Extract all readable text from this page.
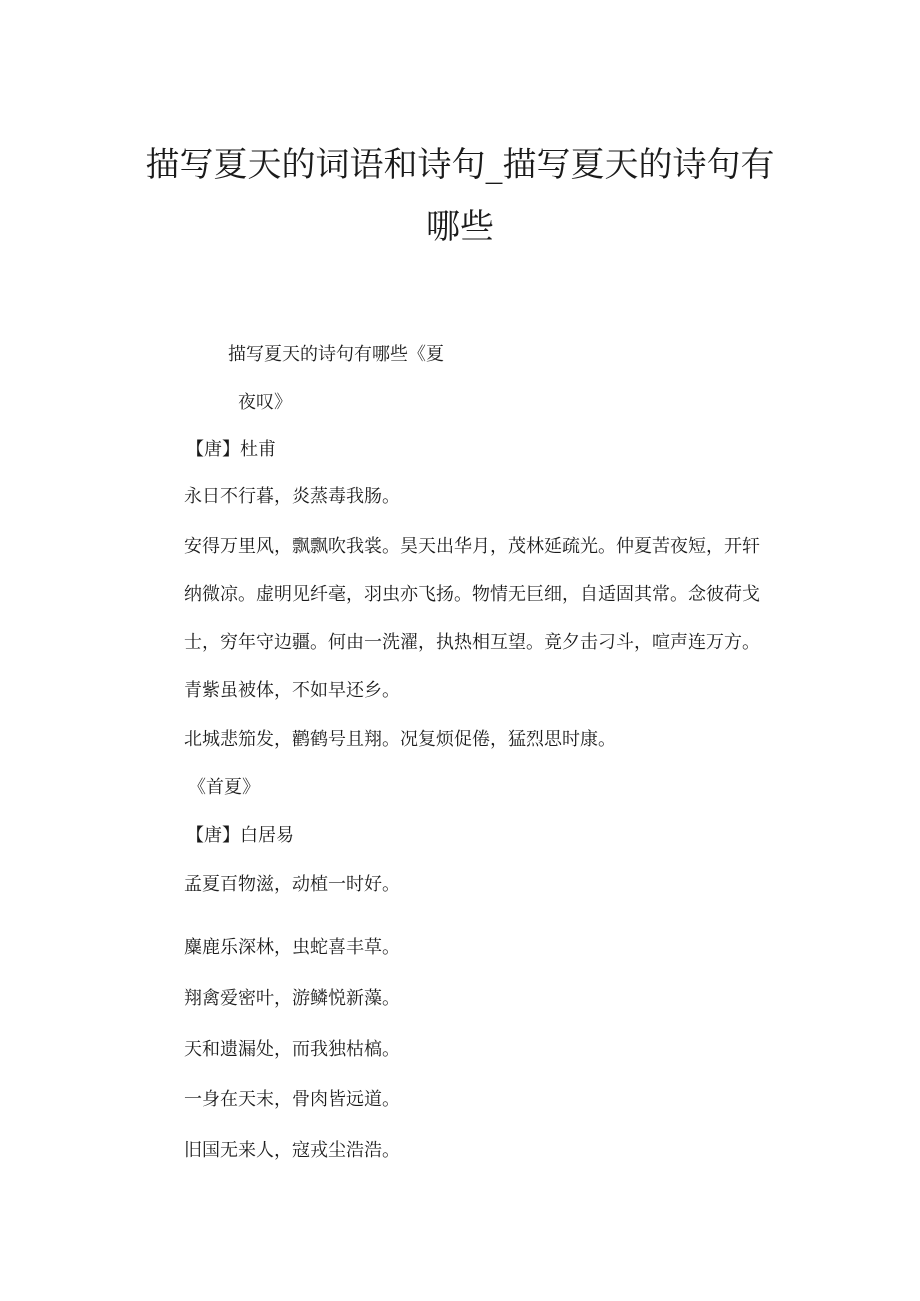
描写夏天的词语和诗句_描写夏天的诗句有
哪些

描写夏天的诗句有哪些《夏

夜叹》

【唐】杜甫

永日不行暮，炎蒸毒我肠。

安得万里风，飘飘吹我裳。昊天出华月，茂林延疏光。仲夏苦夜短，开轩

纳微凉。虚明见纤毫，羽虫亦飞扬。物情无巨细，自适固其常。念彼荷戈

士，穷年守边疆。何由一洗濯，执热相互望。竟夕击刁斗，喧声连万方。

青紫虽被体，不如早还乡。

北城悲笳发，鹳鹤号且翔。况复烦促倦，猛烈思时康。

《首夏》

【唐】白居易

孟夏百物滋，动植一时好。

麋鹿乐深林，虫蛇喜丰草。

翔禽爱密叶，游鳞悦新藻。

天和遗漏处，而我独枯槁。

一身在天末，骨肉皆远道。

旧国无来人，寇戎尘浩浩。
